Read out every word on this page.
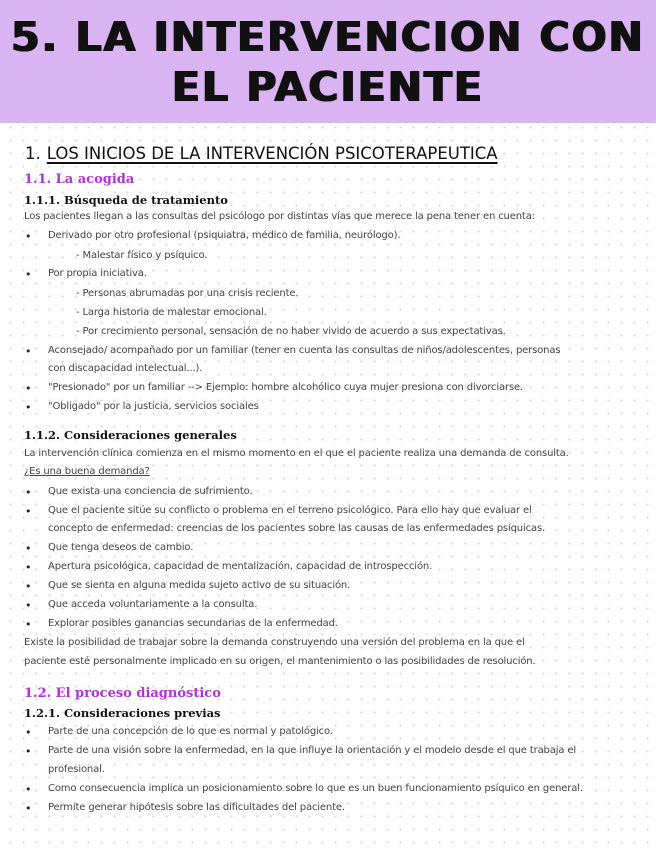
5. LA INTERVENCION CON
EL PACIENTE
1. LOS INICIOS DE LA INTERVENCIÓN PSICOTERAPEUTICA
1.1. La acogida
1.1.1. Búsqueda de tratamiento
Los pacientes llegan a las consultas del psicólogo por distintas vías que merece la pena tener en cuenta:
• Derivado por otro profesional (psiquiatra, médico de familia, neurólogo).
- Malestar físico y psíquico.
• Por propia iniciativa.
- Personas abrumadas por una crisis reciente.
- Larga historia de malestar emocional.
- Por crecimiento personal, sensación de no haber vivido de acuerdo a sus expectativas.
• Aconsejado/ acompañado por un familiar (tener en cuenta las consultas de niños/adolescentes, personas
con discapacidad intelectual...).
• "Presionado" por un familiar --> Ejemplo: hombre alcohólico cuya mujer presiona con divorciarse.
• "Obligado" por la justicia, servicios sociales
1.1.2. Consideraciones generales
La intervención clínica comienza en el mismo momento en el que el paciente realiza una demanda de consulta.
¿Es una buena demanda?
• Que exista una conciencia de sufrimiento.
• Que el paciente sitúe su conflicto o problema en el terreno psicológico. Para ello hay que evaluar el
concepto de enfermedad: creencias de los pacientes sobre las causas de las enfermedades psíquicas.
• Que tenga deseos de cambio.
• Apertura psicológica, capacidad de mentalización, capacidad de introspección.
• Que se sienta en alguna medida sujeto activo de su situación.
• Que acceda voluntariamente a la consulta.
• Explorar posibles ganancias secundarias de la enfermedad.
Existe la posibilidad de trabajar sobre la demanda construyendo una versión del problema en la que el
paciente esté personalmente implicado en su origen, el mantenimiento o las posibilidades de resolución.
1.2. El proceso diagnóstico
1.2.1. Consideraciones previas
• Parte de una concepción de lo que es normal y patológico.
• Parte de una visión sobre la enfermedad, en la que influye la orientación y el modelo desde el que trabaja el
profesional.
• Como consecuencia implica un posicionamiento sobre lo que es un buen funcionamiento psíquico en general.
• Permite generar hipótesis sobre las dificultades del paciente.
